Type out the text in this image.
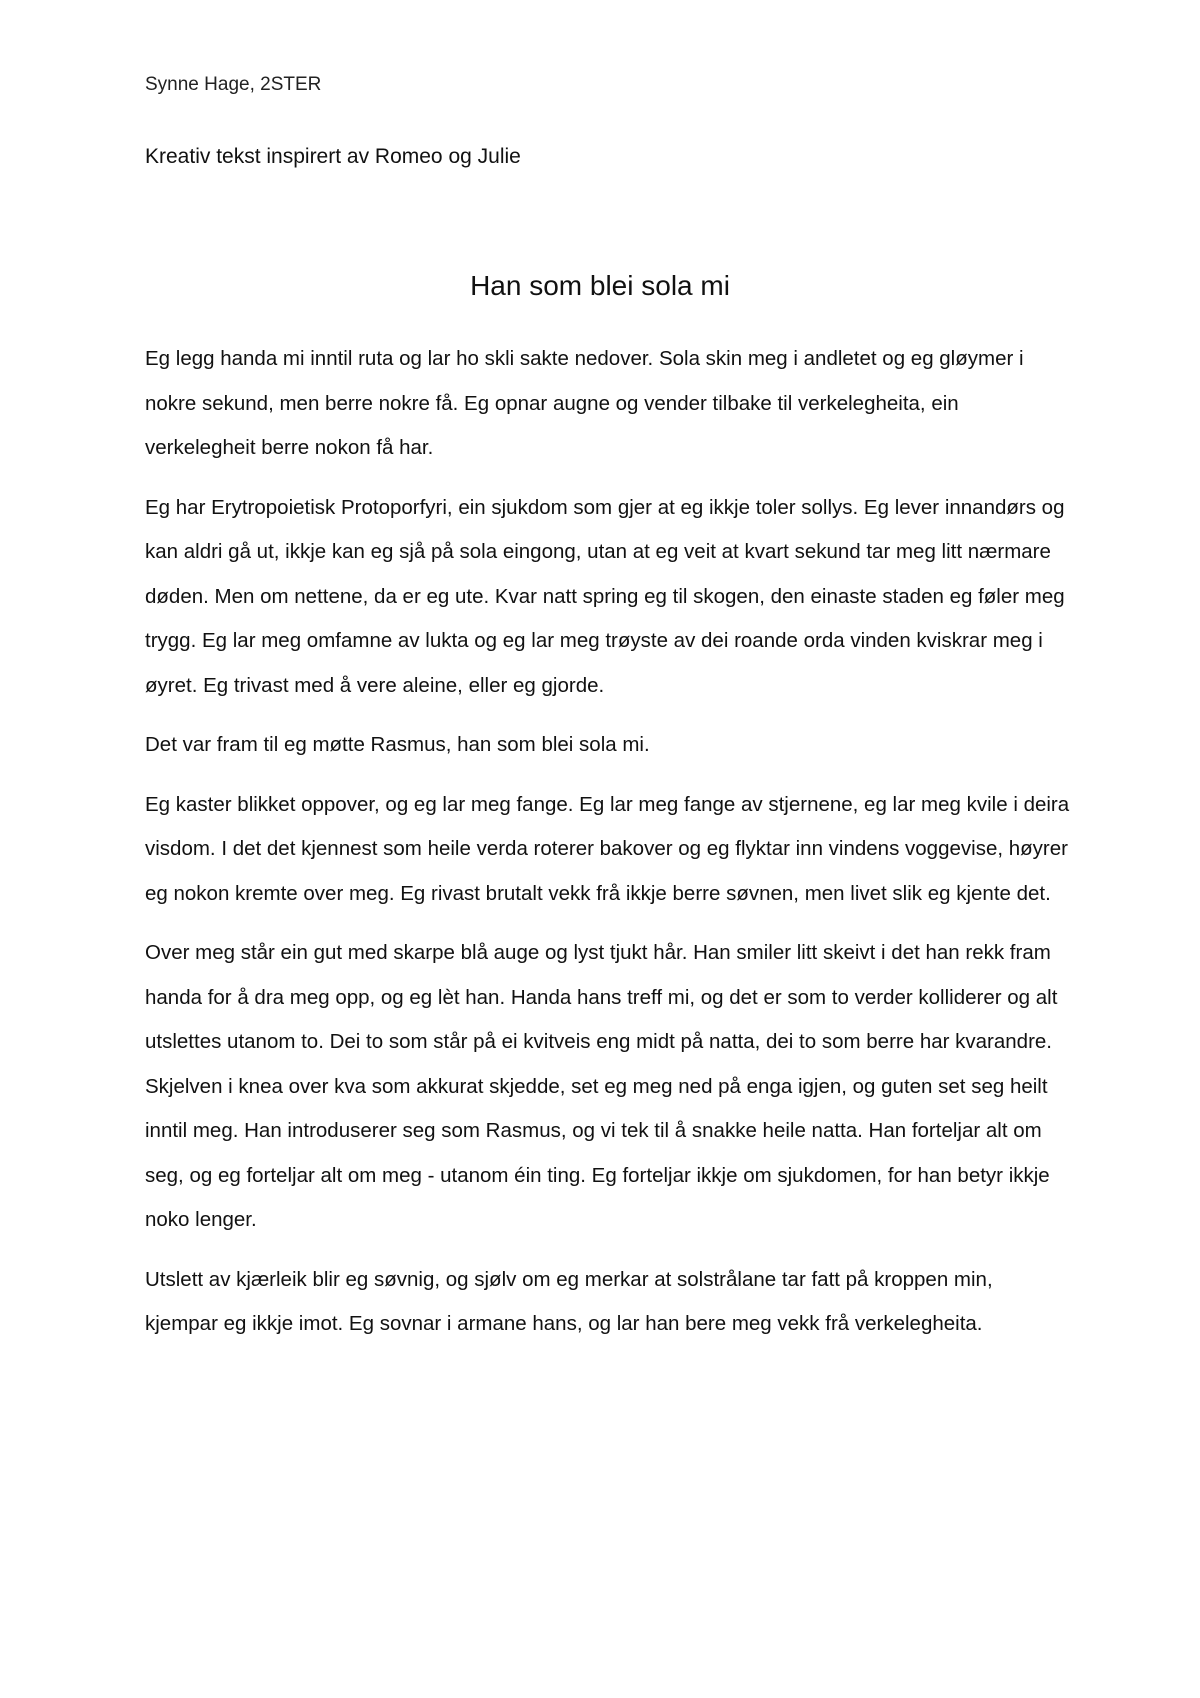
Synne Hage, 2STER

Kreativ tekst inspirert av Romeo og Julie

Han som blei sola mi

Eg legg handa mi inntil ruta og lar ho skli sakte nedover. Sola skin meg i andletet og eg gløymer i nokre sekund, men berre nokre få. Eg opnar augne og vender tilbake til verkelegheita, ein verkelegheit berre nokon få har.

Eg har Erytropoietisk Protoporfyri, ein sjukdom som gjer at eg ikkje toler sollys. Eg lever innandørs og kan aldri gå ut, ikkje kan eg sjå på sola eingong, utan at eg veit at kvart sekund tar meg litt nærmare døden. Men om nettene, da er eg ute. Kvar natt spring eg til skogen, den einaste staden eg føler meg trygg. Eg lar meg omfamne av lukta og eg lar meg trøyste av dei roande orda vinden kviskrar meg i øyret. Eg trivast med å vere aleine, eller eg gjorde.

Det var fram til eg møtte Rasmus, han som blei sola mi.

Eg kaster blikket oppover, og eg lar meg fange. Eg lar meg fange av stjernene, eg lar meg kvile i deira visdom. I det det kjennest som heile verda roterer bakover og eg flyktar inn vindens voggevise, høyrer eg nokon kremte over meg. Eg rivast brutalt vekk frå ikkje berre søvnen, men livet slik eg kjente det.

Over meg står ein gut med skarpe blå auge og lyst tjukt hår. Han smiler litt skeivt i det han rekk fram handa for å dra meg opp, og eg lèt han. Handa hans treff mi, og det er som to verder kolliderer og alt utslettes utanom to. Dei to som står på ei kvitveis eng midt på natta, dei to som berre har kvarandre. Skjelven i knea over kva som akkurat skjedde, set eg meg ned på enga igjen, og guten set seg heilt inntil meg. Han introduserer seg som Rasmus, og vi tek til å snakke heile natta. Han forteljar alt om seg, og eg forteljar alt om meg - utanom éin ting. Eg forteljar ikkje om sjukdomen, for han betyr ikkje noko lenger.

Utslett av kjærleik blir eg søvnig, og sjølv om eg merkar at solstrålane tar fatt på kroppen min, kjempar eg ikkje imot. Eg sovnar i armane hans, og lar han bere meg vekk frå verkelegheita.
